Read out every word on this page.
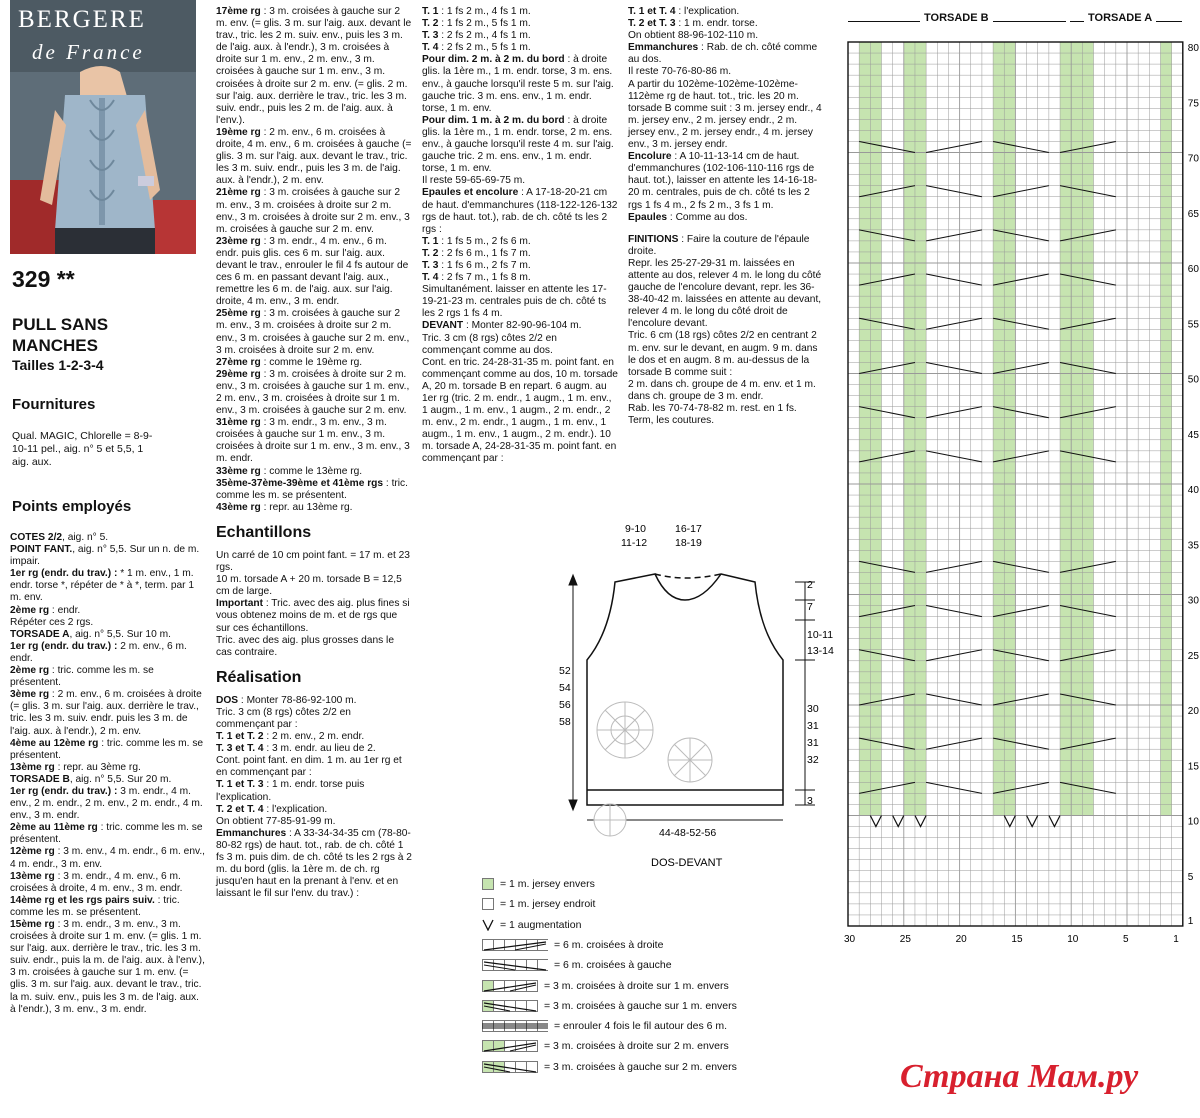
BERGERE
de France
329 **
PULL SANS MANCHES
Tailles 1-2-3-4
Fournitures
Qual. MAGIC, Chlorelle = 8-9-10-11 pel., aig. n° 5 et 5,5, 1 aig. aux.
Points employés

COTES 2/2, aig. n° 5.

POINT FANT., aig. n° 5,5. Sur un n. de m. impair.

1er rg (endr. du trav.) : * 1 m. env., 1 m. endr. torse *, répéter de * à *, term. par 1 m. env.

2ème rg : endr.

Répéter ces 2 rgs.

TORSADE A, aig. n° 5,5. Sur 10 m.

1er rg (endr. du trav.) : 2 m. env., 6 m. endr.

2ème rg : tric. comme les m. se présentent.

3ème rg : 2 m. env., 6 m. croisées à droite (= glis. 3 m. sur l'aig. aux. derrière le trav., tric. les 3 m. suiv. endr. puis les 3 m. de l'aig. aux. à l'endr.), 2 m. env.

4ème au 12ème rg : tric. comme les m. se présentent.

13ème rg : repr. au 3ème rg.

TORSADE B, aig. n° 5,5. Sur 20 m.

1er rg (endr. du trav.) : 3 m. endr., 4 m. env., 2 m. endr., 2 m. env., 2 m. endr., 4 m. env., 3 m. endr.

2ème au 11ème rg : tric. comme les m. se présentent.

12ème rg : 3 m. env., 4 m. endr., 6 m. env., 4 m. endr., 3 m. env.

13ème rg : 3 m. endr., 4 m. env., 6 m. croisées à droite, 4 m. env., 3 m. endr.

14ème rg et les rgs pairs suiv. : tric. comme les m. se présentent.

15ème rg : 3 m. endr., 3 m. env., 3 m. croisées à droite sur 1 m. env. (= glis. 1 m. sur l'aig. aux. derrière le trav., tric. les 3 m. suiv. endr., puis la m. de l'aig. aux. à l'env.), 3 m. croisées à gauche sur 1 m. env. (= glis. 3 m. sur l'aig. aux. devant le trav., tric. la m. suiv. env., puis les 3 m. de l'aig. aux. à l'endr.), 3 m. env., 3 m. endr.

17ème rg : 3 m. croisées à gauche sur 2 m. env. (= glis. 3 m. sur l'aig. aux. devant le trav., tric. les 2 m. suiv. env., puis les 3 m. de l'aig. aux. à l'endr.), 3 m. croisées à droite sur 1 m. env., 2 m. env., 3 m. croisées à gauche sur 1 m. env., 3 m. croisées à droite sur 2 m. env. (= glis. 2 m. sur l'aig. aux. derrière le trav., tric. les 3 m. suiv. endr., puis les 2 m. de l'aig. aux. à l'env.).

19ème rg : 2 m. env., 6 m. croisées à droite, 4 m. env., 6 m. croisées à gauche (= glis. 3 m. sur l'aig. aux. devant le trav., tric. les 3 m. suiv. endr., puis les 3 m. de l'aig. aux. à l'endr.), 2 m. env.

21ème rg : 3 m. croisées à gauche sur 2 m. env., 3 m. croisées à droite sur 2 m. env., 3 m. croisées à droite sur 2 m. env., 3 m. croisées à gauche sur 2 m. env.

23ème rg : 3 m. endr., 4 m. env., 6 m. endr. puis glis. ces 6 m. sur l'aig. aux. devant le trav., enrouler le fil 4 fs autour de ces 6 m. en passant devant l'aig. aux., remettre les 6 m. de l'aig. aux. sur l'aig. droite, 4 m. env., 3 m. endr.

25ème rg : 3 m. croisées à gauche sur 2 m. env., 3 m. croisées à droite sur 2 m. env., 3 m. croisées à gauche sur 2 m. env., 3 m. croisées à droite sur 2 m. env.

27ème rg : comme le 19ème rg.

29ème rg : 3 m. croisées à droite sur 2 m. env., 3 m. croisées à gauche sur 1 m. env., 2 m. env., 3 m. croisées à droite sur 1 m. env., 3 m. croisées à gauche sur 2 m. env.

31ème rg : 3 m. endr., 3 m. env., 3 m. croisées à gauche sur 1 m. env., 3 m. croisées à droite sur 1 m. env., 3 m. env., 3 m. endr.

33ème rg : comme le 13ème rg.

35ème-37ème-39ème et 41ème rgs : tric. comme les m. se présentent.

43ème rg : repr. au 13ème rg.

Echantillons

Un carré de 10 cm point fant. = 17 m. et 23 rgs.

10 m. torsade A + 20 m. torsade B = 12,5 cm de large.

Important : Tric. avec des aig. plus fines si vous obtenez moins de m. et de rgs que sur ces échantillons.

Tric. avec des aig. plus grosses dans le cas contraire.

Réalisation

DOS : Monter 78-86-92-100 m.

Tric. 3 cm (8 rgs) côtes 2/2 en commençant par :

T. 1 et T. 2 : 2 m. env., 2 m. endr.

T. 3 et T. 4 : 3 m. endr. au lieu de 2.

Cont. point fant. en dim. 1 m. au 1er rg et en commençant par :

T. 1 et T. 3 : 1 m. endr. torse puis l'explication.

T. 2 et T. 4 : l'explication.

On obtient 77-85-91-99 m.

Emmanchures : A 33-34-34-35 cm (78-80-80-82 rgs) de haut. tot., rab. de ch. côté 1 fs 3 m. puis dim. de ch. côté ts les 2 rgs à 2 m. du bord (glis. la 1ère m. de ch. rg jusqu'en haut en la prenant à l'env. et en laissant le fil sur l'env. du trav.) :

T. 1 : 1 fs 2 m., 4 fs 1 m.

T. 2 : 1 fs 2 m., 5 fs 1 m.

T. 3 : 2 fs 2 m., 4 fs 1 m.

T. 4 : 2 fs 2 m., 5 fs 1 m.

Pour dim. 2 m. à 2 m. du bord : à droite glis. la 1ère m., 1 m. endr. torse, 3 m. ens. env., à gauche lorsqu'il reste 5 m. sur l'aig. gauche tric. 3 m. ens. env., 1 m. endr. torse, 1 m. env.

Pour dim. 1 m. à 2 m. du bord : à droite glis. la 1ère m., 1 m. endr. torse, 2 m. ens. env., à gauche lorsqu'il reste 4 m. sur l'aig. gauche tric. 2 m. ens. env., 1 m. endr. torse, 1 m. env.

Il reste 59-65-69-75 m.

Epaules et encolure : A 17-18-20-21 cm de haut. d'emmanchures (118-122-126-132 rgs de haut. tot.), rab. de ch. côté ts les 2 rgs :

T. 1 : 1 fs 5 m., 2 fs 6 m.

T. 2 : 2 fs 6 m., 1 fs 7 m.

T. 3 : 1 fs 6 m., 2 fs 7 m.

T. 4 : 2 fs 7 m., 1 fs 8 m.

Simultanément. laisser en attente les 17-19-21-23 m. centrales puis de ch. côté ts les 2 rgs 1 fs 4 m.

DEVANT : Monter 82-90-96-104 m.

Tric. 3 cm (8 rgs) côtes 2/2 en commençant comme au dos.

Cont. en tric. 24-28-31-35 m. point fant. en commençant comme au dos, 10 m. torsade A, 20 m. torsade B en repart. 6 augm. au 1er rg (tric. 2 m. endr., 1 augm., 1 m. env., 1 augm., 1 m. env., 1 augm., 2 m. endr., 2 m. env., 2 m. endr., 1 augm., 1 m. env., 1 augm., 1 m. env., 1 augm., 2 m. endr.). 10 m. torsade A, 24-28-31-35 m. point fant. en commençant par :

T. 1 et T. 4 : l'explication.

T. 2 et T. 3 : 1 m. endr. torse.

On obtient 88-96-102-110 m.

Emmanchures : Rab. de ch. côté comme au dos.

Il reste 70-76-80-86 m.

A partir du 102ème-102ème-102ème-112ème rg de haut. tot., tric. les 20 m. torsade B comme suit : 3 m. jersey endr., 4 m. jersey env., 2 m. jersey endr., 2 m. jersey env., 2 m. jersey endr., 4 m. jersey env., 3 m. jersey endr.

Encolure : A 10-11-13-14 cm de haut. d'emmanchures (102-106-110-116 rgs de haut. tot.), laisser en attente les 14-16-18-20 m. centrales, puis de ch. côté ts les 2 rgs 1 fs 4 m., 2 fs 2 m., 3 fs 1 m.

Epaules : Comme au dos.

FINITIONS : Faire la couture de l'épaule droite.

Repr. les 25-27-29-31 m. laissées en attente au dos, relever 4 m. le long du côté gauche de l'encolure devant, repr. les 36-38-40-42 m. laissées en attente au devant, relever 4 m. le long du côté droit de l'encolure devant.

Tric. 6 cm (18 rgs) côtes 2/2 en centrant 2 m. env. sur le devant, en augm. 9 m. dans le dos et en augm. 8 m. au-dessus de la torsade B comme suit :

2 m. dans ch. groupe de 4 m. env. et 1 m. dans ch. groupe de 3 m. endr.

Rab. les 70-74-78-82 m. rest. en 1 fs.

Term, les coutures.

9-10
11-12
16-17
18-19
52
54
56
58
2
7
10-11
13-14
30
31
31
32
3
44-48-52-56
DOS-DEVANT
= 1 m. jersey envers
= 1 m. jersey endroit
= 1 augmentation
= 6 m. croisées à droite
= 6 m. croisées à gauche
= 3 m. croisées à droite sur 1 m. envers
= 3 m. croisées à gauche sur 1 m. envers
= enrouler 4 fois le fil autour des 6 m.
= 3 m. croisées à droite sur 2 m. envers
= 3 m. croisées à gauche sur 2 m. envers
TORSADE B	TORSADE A
30	25	20	15	10	5	1
1
5
10
15
20
25
30
35
40
45
50
55
60
65
70
75
80
Страна Мам.ру
